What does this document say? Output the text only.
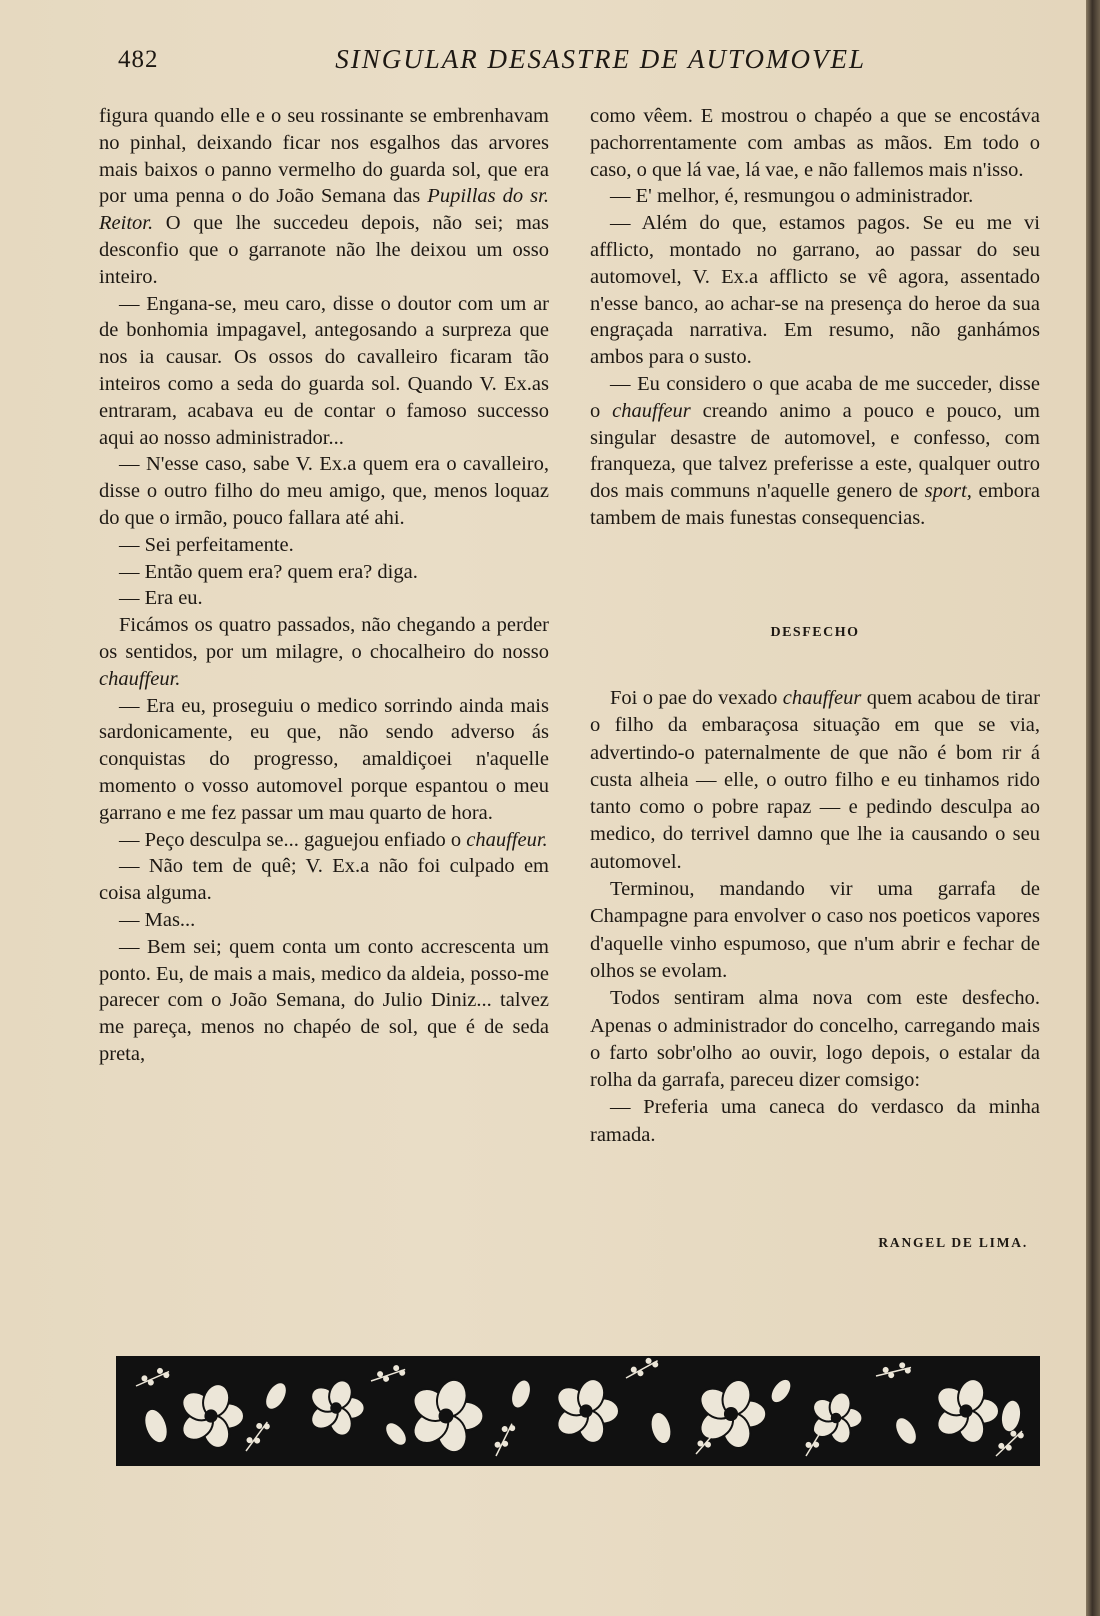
482	SINGULAR DESASTRE DE AUTOMOVEL

figura quando elle e o seu rossinante se embrenhavam no pinhal, deixando ficar nos esgalhos das arvores mais baixos o panno vermelho do guarda sol, que era por uma penna o do João Semana das Pupillas do sr. Reitor. O que lhe succedeu depois, não sei; mas desconfio que o garranote não lhe deixou um osso inteiro.

— Engana-se, meu caro, disse o doutor com um ar de bonhomia impagavel, antegosando a surpreza que nos ia causar. Os ossos do cavalleiro ficaram tão inteiros como a seda do guarda sol. Quando V. Ex.as entraram, acabava eu de contar o famoso successo aqui ao nosso administrador...

— N'esse caso, sabe V. Ex.a quem era o cavalleiro, disse o outro filho do meu amigo, que, menos loquaz do que o irmão, pouco fallara até ahi.

— Sei perfeitamente.

— Então quem era? quem era? diga.

— Era eu.

Ficámos os quatro passados, não chegando a perder os sentidos, por um milagre, o chocalheiro do nosso chauffeur.

— Era eu, proseguiu o medico sorrindo ainda mais sardonicamente, eu que, não sendo adverso ás conquistas do progresso, amaldiçoei n'aquelle momento o vosso automovel porque espantou o meu garrano e me fez passar um mau quarto de hora.

— Peço desculpa se... gaguejou enfiado o chauffeur.

— Não tem de quê; V. Ex.a não foi culpado em coisa alguma.

— Mas...

— Bem sei; quem conta um conto accrescenta um ponto. Eu, de mais a mais, medico da aldeia, posso-me parecer com o João Semana, do Julio Diniz... talvez me pareça, menos no chapéo de sol, que é de seda preta,

como vêem. E mostrou o chapéo a que se encostáva pachorrentamente com ambas as mãos. Em todo o caso, o que lá vae, lá vae, e não fallemos mais n'isso.

— E' melhor, é, resmungou o administrador.

— Além do que, estamos pagos. Se eu me vi afflicto, montado no garrano, ao passar do seu automovel, V. Ex.a afflicto se vê agora, assentado n'esse banco, ao achar-se na presença do heroe da sua engraçada narrativa. Em resumo, não ganhámos ambos para o susto.

— Eu considero o que acaba de me succeder, disse o chauffeur creando animo a pouco e pouco, um singular desastre de automovel, e confesso, com franqueza, que talvez preferisse a este, qualquer outro dos mais communs n'aquelle genero de sport, embora tambem de mais funestas consequencias.

DESFECHO

Foi o pae do vexado chauffeur quem acabou de tirar o filho da embaraçosa situação em que se via, advertindo-o paternalmente de que não é bom rir á custa alheia — elle, o outro filho e eu tinhamos rido tanto como o pobre rapaz — e pedindo desculpa ao medico, do terrivel damno que lhe ia causando o seu automovel.

Terminou, mandando vir uma garrafa de Champagne para envolver o caso nos poeticos vapores d'aquelle vinho espumoso, que n'um abrir e fechar de olhos se evolam.

Todos sentiram alma nova com este desfecho. Apenas o administrador do concelho, carregando mais o farto sobr'olho ao ouvir, logo depois, o estalar da rolha da garrafa, pareceu dizer comsigo:

— Preferia uma caneca do verdasco da minha ramada.

RANGEL DE LIMA.
